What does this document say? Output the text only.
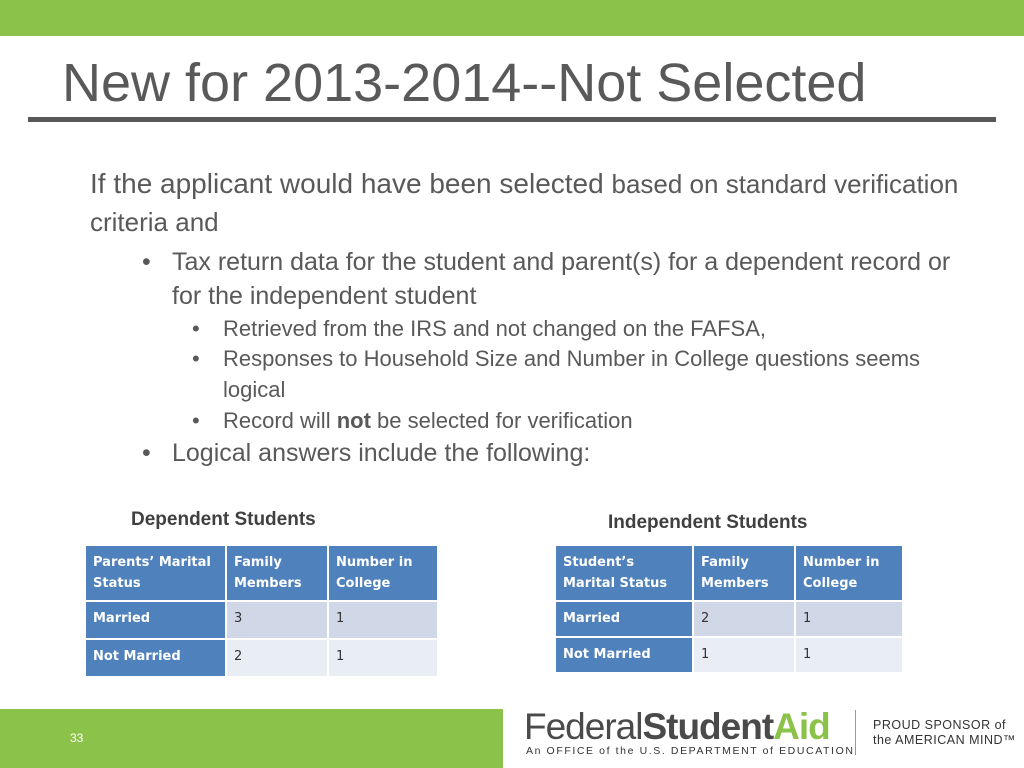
New for 2013-2014--Not Selected
If the applicant would have been selected based on standard verification criteria and
• Tax return data for the student and parent(s) for a dependent record or for the independent student
• Retrieved from the IRS and not changed on the FAFSA,
• Responses to Household Size and Number in College questions seems logical
• Record will not be selected for verification
• Logical answers include the following:
Dependent Students
Parents’ Marital Status	Family Members	Number in College
Married	3	1
Not Married	2	1
Independent Students
Student’s Marital Status	Family Members	Number in College
Married	2	1
Not Married	1	1
33	FederalStudentAid
An OFFICE of the U.S. DEPARTMENT of EDUCATION
PROUD SPONSOR of
the AMERICAN MIND™
